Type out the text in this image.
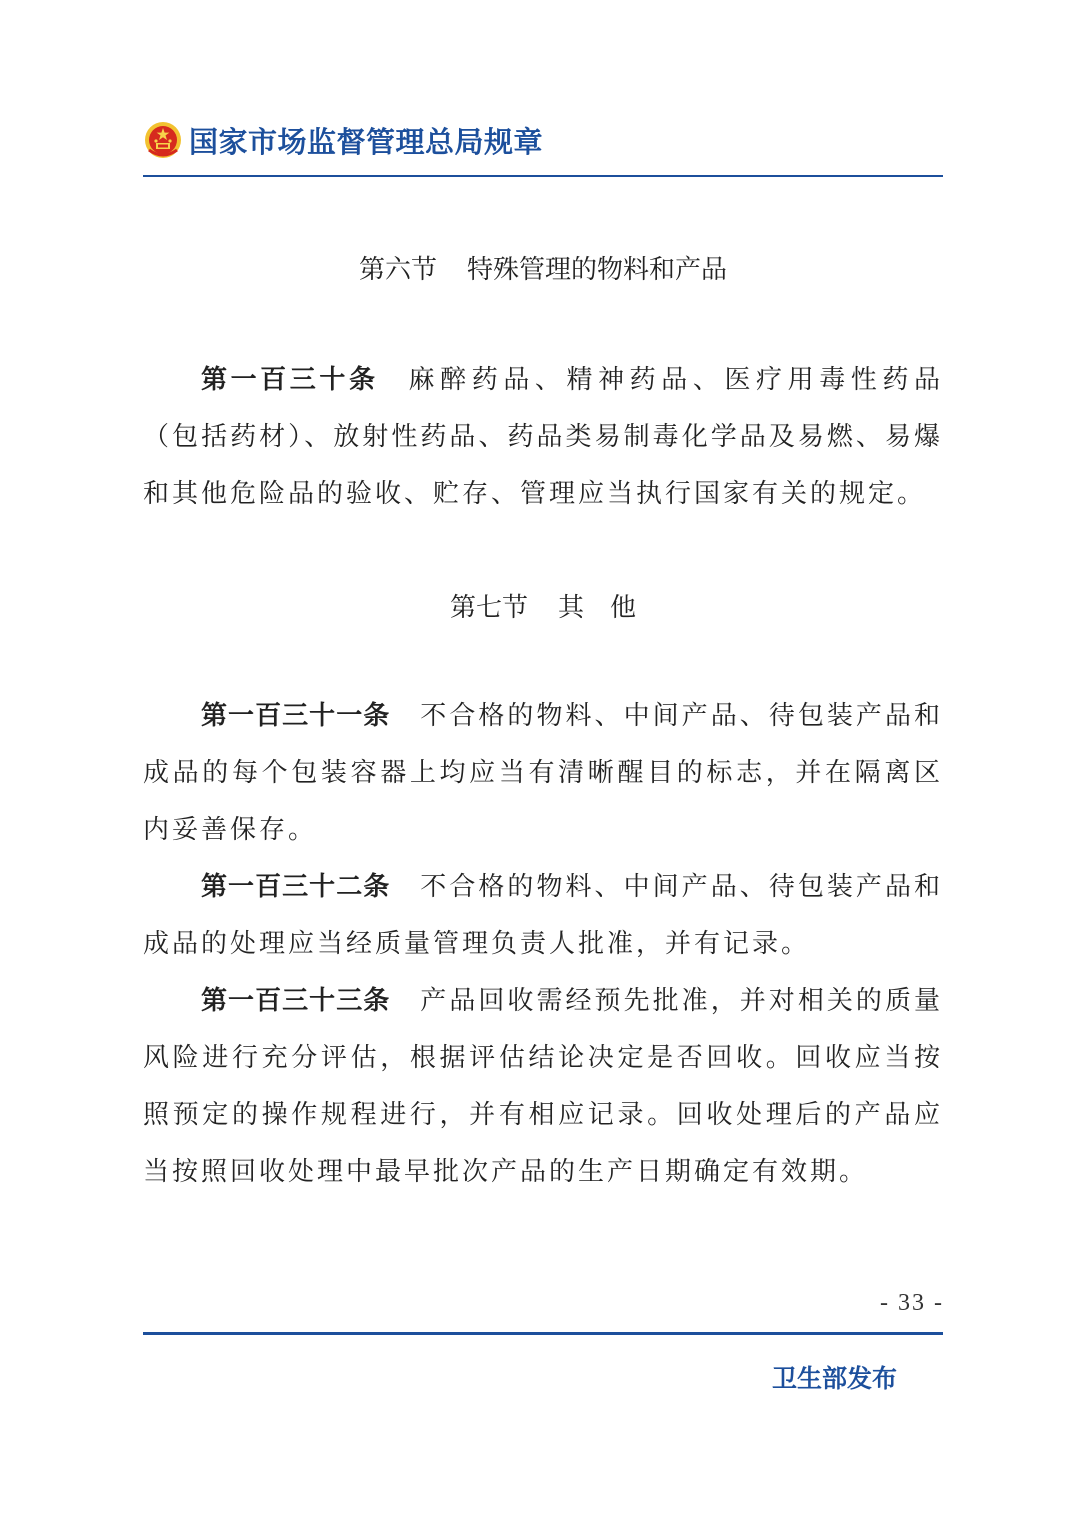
国家市场监督管理总局规章
第六节 特殊管理的物料和产品
第一百三十条 麻醉药品、精神药品、医疗用毒性药品（包括药材）、放射性药品、药品类易制毒化学品及易燃、易爆和其他危险品的验收、贮存、管理应当执行国家有关的规定。
第七节 其　他
第一百三十一条 不合格的物料、中间产品、待包装产品和成品的每个包装容器上均应当有清晰醒目的标志，并在隔离区内妥善保存。
第一百三十二条 不合格的物料、中间产品、待包装产品和成品的处理应当经质量管理负责人批准，并有记录。
第一百三十三条 产品回收需经预先批准，并对相关的质量风险进行充分评估，根据评估结论决定是否回收。回收应当按照预定的操作规程进行，并有相应记录。回收处理后的产品应当按照回收处理中最早批次产品的生产日期确定有效期。
- 33 -
卫生部发布
